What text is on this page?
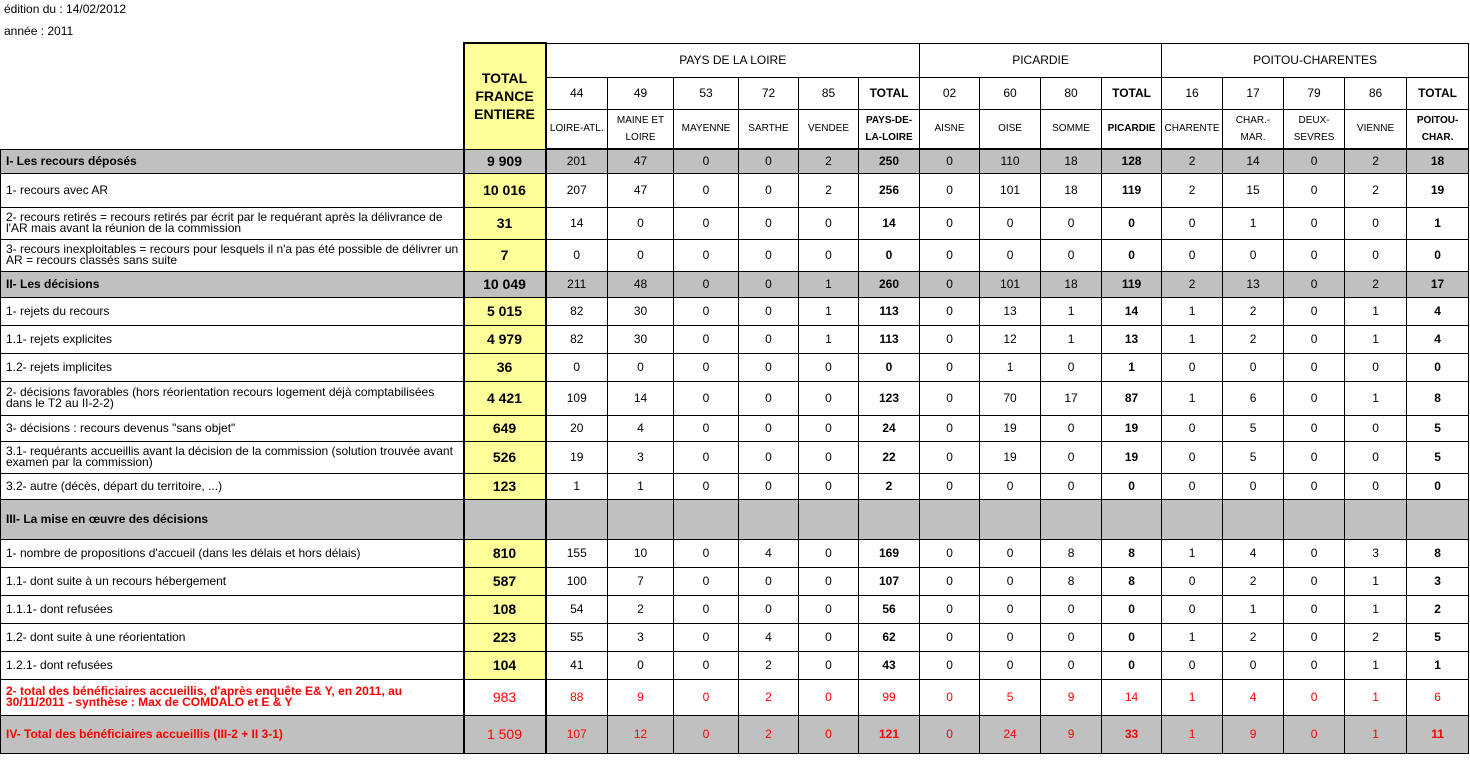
édition du : 14/02/2012
année : 2011
	TOTAL FRANCE ENTIERE	PAYS DE LA LOIRE						PICARDIE				POITOU-CHARENTES				
		44	49	53	72	85	TOTAL	02	60	80	TOTAL	16	17	79	86	TOTAL
		LOIRE-ATL.	MAINE ET LOIRE	MAYENNE	SARTHE	VENDEE	PAYS-DE-LA-LOIRE	AISNE	OISE	SOMME	PICARDIE	CHARENTE	CHAR.-MAR.	DEUX-SEVRES	VIENNE	POITOU-CHAR.
I- Les recours déposés	9 909	201	47	0	0	2	250	0	110	18	128	2	14	0	2	18
1- recours avec AR	10 016	207	47	0	0	2	256	0	101	18	119	2	15	0	2	19
2- recours retirés = recours retirés par écrit par le requérant après la délivrance de l'AR mais avant la réunion de la commission	31	14	0	0	0	0	14	0	0	0	0	0	1	0	0	1
3- recours inexploitables = recours pour lesquels il n'a pas été possible de délivrer un AR = recours classés sans suite	7	0	0	0	0	0	0	0	0	0	0	0	0	0	0	0
II- Les décisions	10 049	211	48	0	0	1	260	0	101	18	119	2	13	0	2	17
1- rejets du recours	5 015	82	30	0	0	1	113	0	13	1	14	1	2	0	1	4
1.1- rejets explicites	4 979	82	30	0	0	1	113	0	12	1	13	1	2	0	1	4
1.2- rejets implicites	36	0	0	0	0	0	0	0	1	0	1	0	0	0	0	0
2- décisions favorables (hors réorientation recours logement déjà comptabilisées dans le T2 au II-2-2)	4 421	109	14	0	0	0	123	0	70	17	87	1	6	0	1	8
3- décisions : recours devenus "sans objet"	649	20	4	0	0	0	24	0	19	0	19	0	5	0	0	5
3.1- requérants accueillis avant la décision de la commission (solution trouvée avant examen par la commission)	526	19	3	0	0	0	22	0	19	0	19	0	5	0	0	5
3.2- autre (décès, départ du territoire, ...)	123	1	1	0	0	0	2	0	0	0	0	0	0	0	0	0
III- La mise en œuvre des décisions																
1- nombre de propositions d'accueil (dans les délais et hors délais)	810	155	10	0	4	0	169	0	0	8	8	1	4	0	3	8
1.1- dont suite à un recours hébergement	587	100	7	0	0	0	107	0	0	8	8	0	2	0	1	3
1.1.1- dont refusées	108	54	2	0	0	0	56	0	0	0	0	0	1	0	1	2
1.2- dont suite à une réorientation	223	55	3	0	4	0	62	0	0	0	0	1	2	0	2	5
1.2.1- dont refusées	104	41	0	0	2	0	43	0	0	0	0	0	0	0	1	1
2- total des bénéficiaires accueillis, d'après enquête E& Y, en 2011, au 30/11/2011 - synthèse : Max de COMDALO et E & Y	983	88	9	0	2	0	99	0	5	9	14	1	4	0	1	6
IV- Total des bénéficiaires accueillis (III-2 + II 3-1)	1 509	107	12	0	2	0	121	0	24	9	33	1	9	0	1	11
